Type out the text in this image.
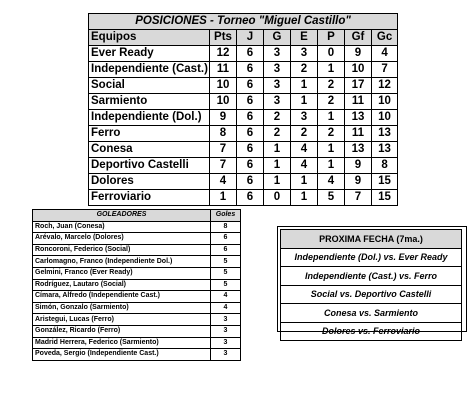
POSICIONES - Torneo "Miguel Castillo"							
Equipos	Pts	J	G	E	P	Gf	Gc
Ever Ready	12	6	3	3	0	9	4
Independiente (Cast.)	11	6	3	2	1	10	7
Social	10	6	3	1	2	17	12
Sarmiento	10	6	3	1	2	11	10
Independiente (Dol.)	9	6	2	3	1	13	10
Ferro	8	6	2	2	2	11	13
Conesa	7	6	1	4	1	13	13
Deportivo Castelli	7	6	1	4	1	9	8
Dolores	4	6	1	1	4	9	15
Ferroviario	1	6	0	1	5	7	15
GOLEADORES	Goles
Roch, Juan (Conesa)	8
Arévalo, Marcelo (Dolores)	6
Roncoroni, Federico (Social)	6
Carlomagno, Franco (Independiente Dol.)	5
Gelmini, Franco (Ever Ready)	5
Rodríguez, Lautaro (Social)	5
Címara, Alfredo (Independiente Cast.)	4
Simón, Gonzalo (Sarmiento)	4
Aristegui, Lucas (Ferro)	3
González, Ricardo (Ferro)	3
Madrid Herrera, Federico (Sarmiento)	3
Poveda, Sergio (Independiente Cast.)	3
PROXIMA FECHA (7ma.)
Independiente (Dol.) vs. Ever Ready
Independiente (Cast.) vs. Ferro
Social vs. Deportivo Castelli
Conesa vs. Sarmiento
Dolores vs. Ferroviario
